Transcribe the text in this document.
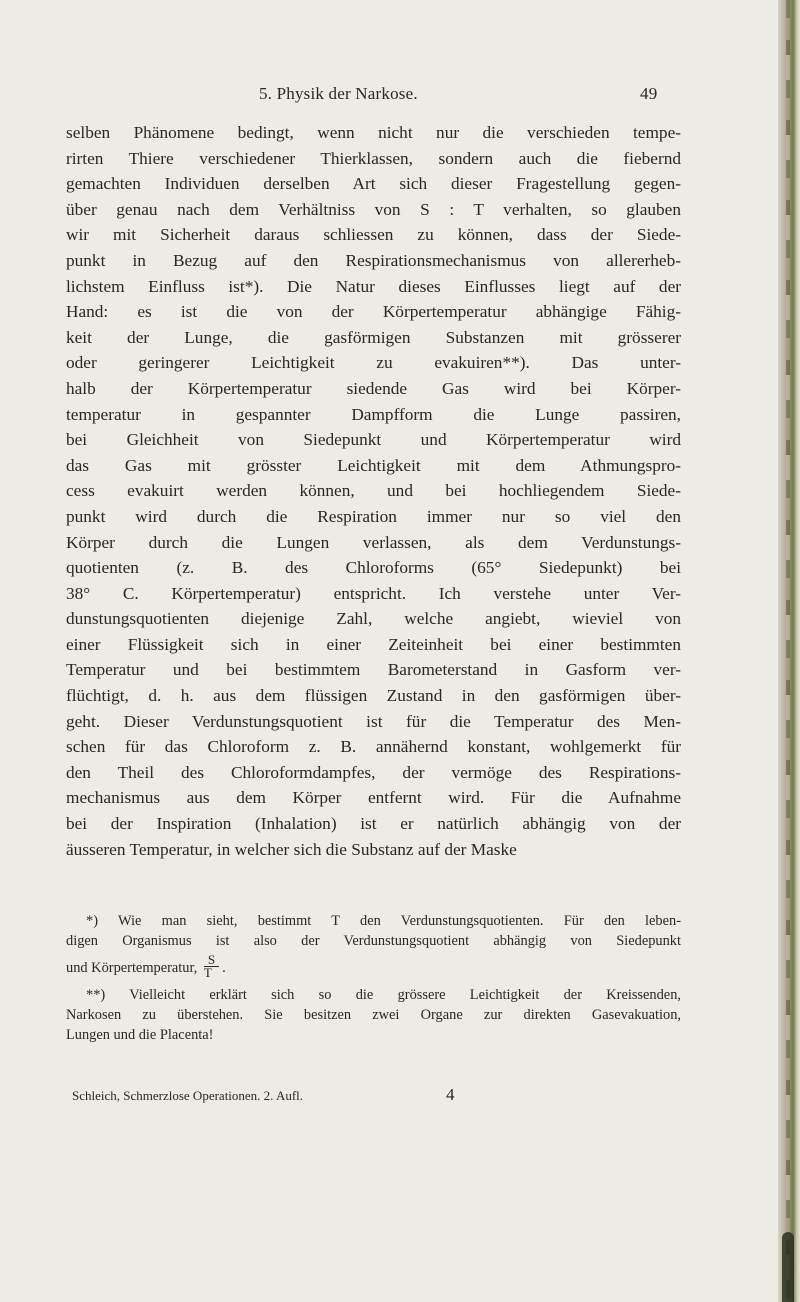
5. Physik der Narkose.	49
selben Phänomene bedingt, wenn nicht nur die verschieden tempe-
rirten Thiere verschiedener Thierklassen, sondern auch die fiebernd
gemachten Individuen derselben Art sich dieser Fragestellung gegen-
über genau nach dem Verhältniss von S : T verhalten, so glauben
wir mit Sicherheit daraus schliessen zu können, dass der Siede-
punkt in Bezug auf den Respirationsmechanismus von allererheb-
lichstem Einfluss ist*). Die Natur dieses Einflusses liegt auf der
Hand: es ist die von der Körpertemperatur abhängige Fähig-
keit der Lunge, die gasförmigen Substanzen mit grösserer
oder geringerer Leichtigkeit zu evakuiren**). Das unter-
halb der Körpertemperatur siedende Gas wird bei Körper-
temperatur in gespannter Dampfform die Lunge passiren,
bei Gleichheit von Siedepunkt und Körpertemperatur wird
das Gas mit grösster Leichtigkeit mit dem Athmungspro-
cess evakuirt werden können, und bei hochliegendem Siede-
punkt wird durch die Respiration immer nur so viel den
Körper durch die Lungen verlassen, als dem Verdunstungs-
quotienten (z. B. des Chloroforms (65° Siedepunkt) bei
38° C. Körpertemperatur) entspricht. Ich verstehe unter Ver-
dunstungsquotienten diejenige Zahl, welche angiebt, wieviel von
einer Flüssigkeit sich in einer Zeiteinheit bei einer bestimmten
Temperatur und bei bestimmtem Barometerstand in Gasform ver-
flüchtigt, d. h. aus dem flüssigen Zustand in den gasförmigen über-
geht. Dieser Verdunstungsquotient ist für die Temperatur des Men-
schen für das Chloroform z. B. annähernd konstant, wohlgemerkt für
den Theil des Chloroformdampfes, der vermöge des Respirations-
mechanismus aus dem Körper entfernt wird. Für die Aufnahme
bei der Inspiration (Inhalation) ist er natürlich abhängig von der
äusseren Temperatur, in welcher sich die Substanz auf der Maske
*) Wie man sieht, bestimmt T den Verdunstungsquotienten. Für den leben-
digen Organismus ist also der Verdunstungsquotient abhängig von Siedepunkt
und Körpertemperatur, $\frac{S}{T}$ .
**) Vielleicht erklärt sich so die grössere Leichtigkeit der Kreissenden,
Narkosen zu überstehen. Sie besitzen zwei Organe zur direkten Gasevakuation,
Lungen und die Placenta!
Schleich, Schmerzlose Operationen. 2. Aufl.	4
